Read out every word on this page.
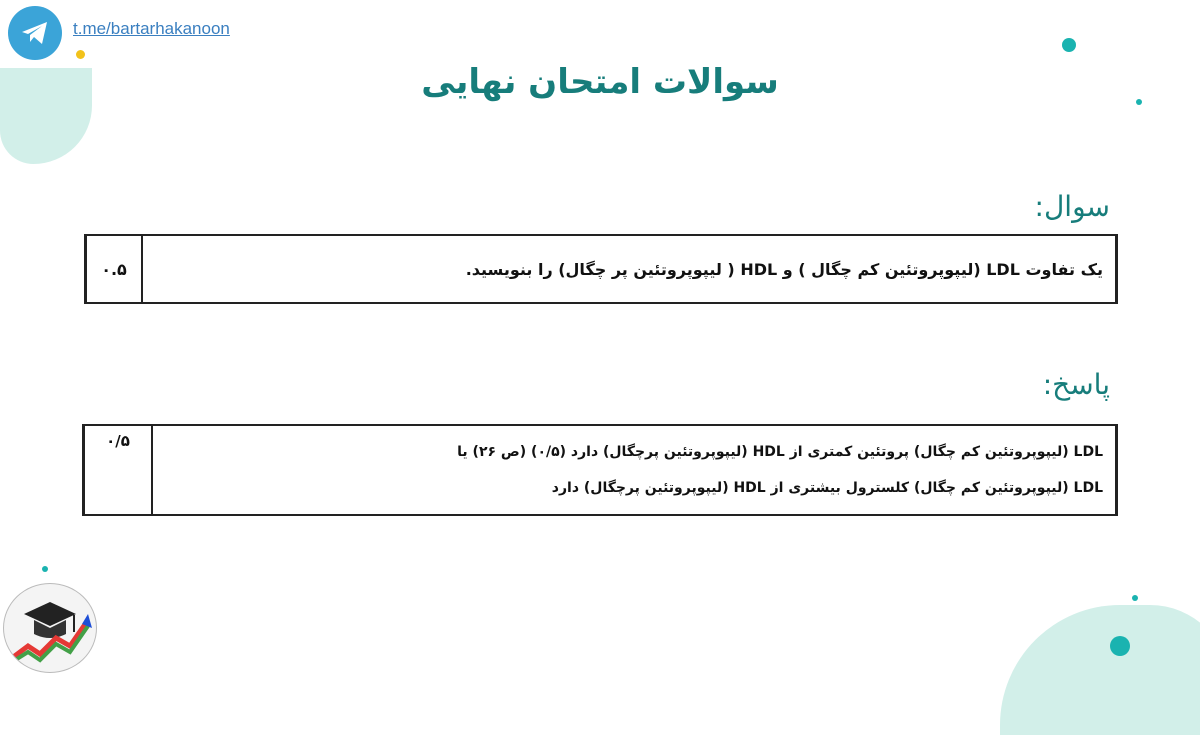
t.me/bartarhakanoon
سوالات امتحان نهایی
سوال:
یک تفاوت LDL (لیپوپروتئین کم چگال ) و HDL ( لیپوپروتئین پر چگال) را بنویسید.	۰.۵
پاسخ:
LDL (لیپوپروتئین کم چگال) پروتئین کمتری از HDL (لیپوپروتئین پرچگال) دارد (۰/۵) (ص ۲۶) یا
LDL (لیپوپروتئین کم چگال) کلسترول بیشتری از HDL (لیپوپروتئین پرچگال) دارد
	۰/۵
